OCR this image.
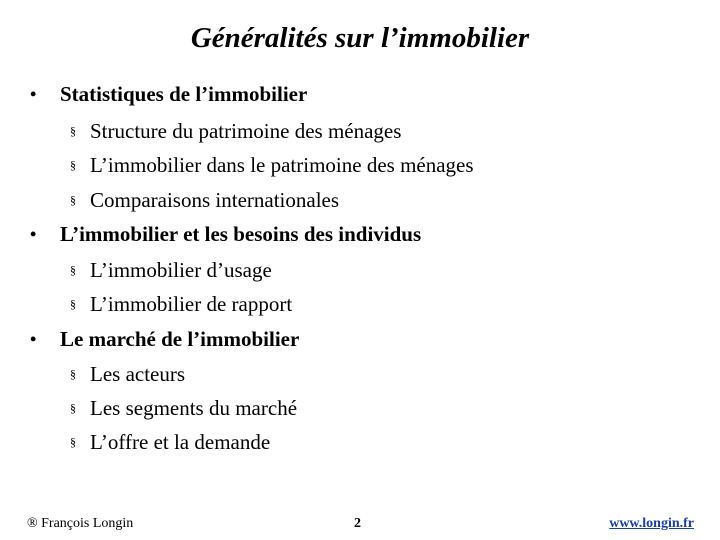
Généralités sur l’immobilier
• Statistiques de l’immobilier
§ Structure du patrimoine des ménages
§ L’immobilier dans le patrimoine des ménages
§ Comparaisons internationales
• L’immobilier et les besoins des individus
§ L’immobilier d’usage
§ L’immobilier de rapport
• Le marché de l’immobilier
§ Les acteurs
§ Les segments du marché
§ L’offre et la demande
® François Longin	2	www.longin.fr
